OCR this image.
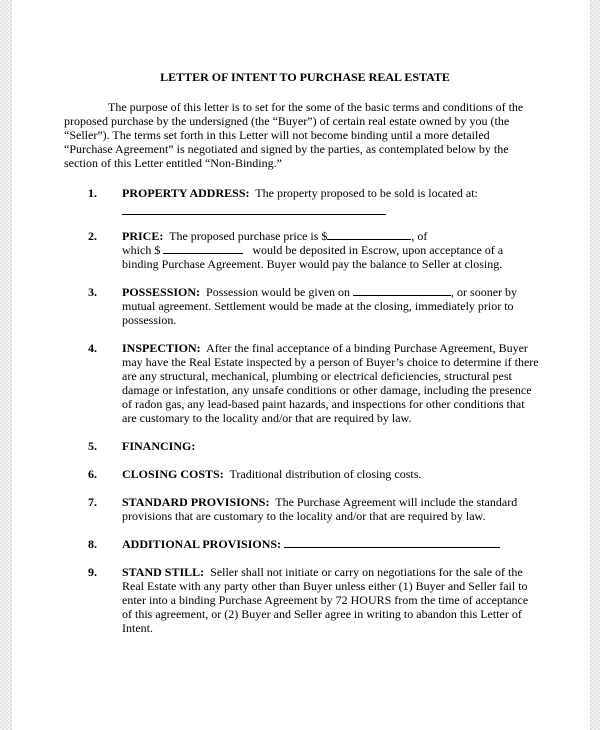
LETTER OF INTENT TO PURCHASE REAL ESTATE

The purpose of this letter is to set for the some of the basic terms and conditions of the proposed purchase by the undersigned (the “Buyer”) of certain real estate owned by you (the “Seller”). The terms set forth in this Letter will not become binding until a more detailed “Purchase Agreement” is negotiated and signed by the parties, as contemplated below by the section of this Letter entitled “Non-Binding.”

1. PROPERTY ADDRESS: The property proposed to be sold is located at:
2. PRICE: The proposed purchase price is $	, of
which $	would be deposited in Escrow, upon acceptance of a binding Purchase Agreement. Buyer would pay the balance to Seller at closing.
3. POSSESSION: Possession would be given on	, or sooner by mutual agreement. Settlement would be made at the closing, immediately prior to possession.
4. INSPECTION: After the final acceptance of a binding Purchase Agreement, Buyer may have the Real Estate inspected by a person of Buyer’s choice to determine if there are any structural, mechanical, plumbing or electrical deficiencies, structural pest damage or infestation, any unsafe conditions or other damage, including the presence of radon gas, any lead-based paint hazards, and inspections for other conditions that are customary to the locality and/or that are required by law.
5. FINANCING:
6. CLOSING COSTS: Traditional distribution of closing costs.
7. STANDARD PROVISIONS: The Purchase Agreement will include the standard provisions that are customary to the locality and/or that are required by law.
8. ADDITIONAL PROVISIONS:
9. STAND STILL: Seller shall not initiate or carry on negotiations for the sale of the Real Estate with any party other than Buyer unless either (1) Buyer and Seller fail to enter into a binding Purchase Agreement by 72 HOURS from the time of acceptance of this agreement, or (2) Buyer and Seller agree in writing to abandon this Letter of Intent.
